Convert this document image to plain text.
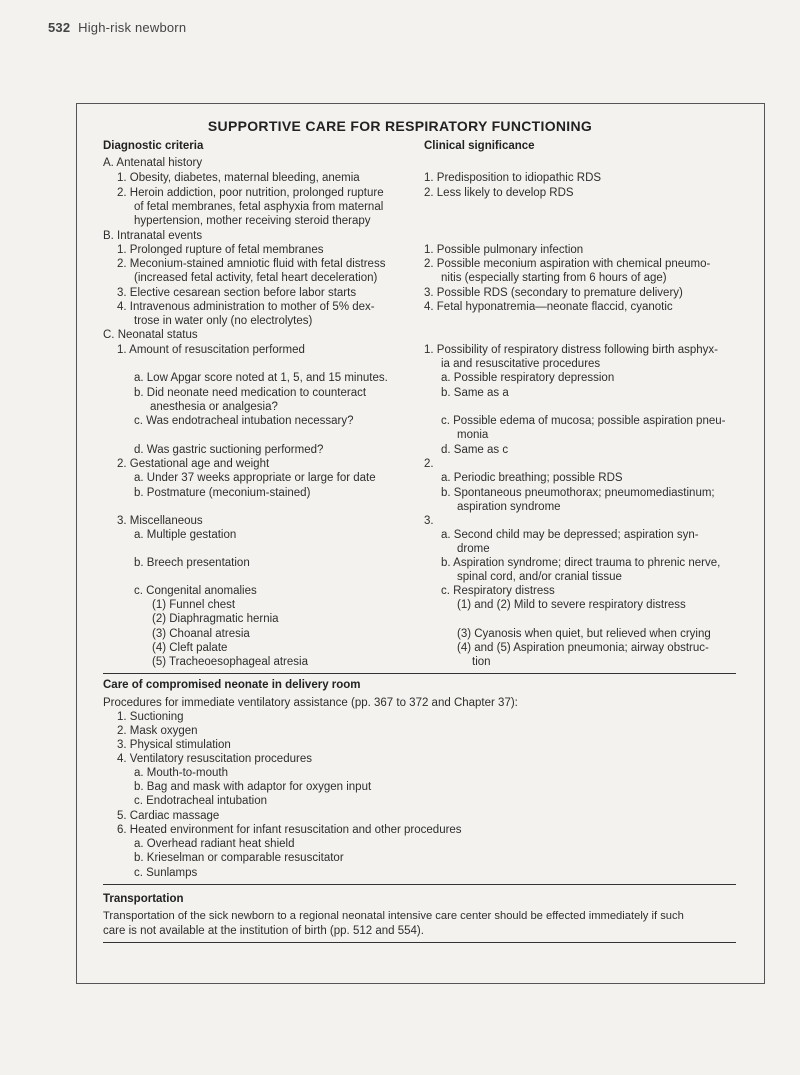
532 High-risk newborn
SUPPORTIVE CARE FOR RESPIRATORY FUNCTIONING
Diagnostic criteria	Clinical significance
A. Antenatal history
1. Obesity, diabetes, maternal bleeding, anemia
2. Heroin addiction, poor nutrition, prolonged rupture
of fetal membranes, fetal asphyxia from maternal
hypertension, mother receiving steroid therapy
B. Intranatal events
1. Prolonged rupture of fetal membranes
2. Meconium-stained amniotic fluid with fetal distress
(increased fetal activity, fetal heart deceleration)
3. Elective cesarean section before labor starts
4. Intravenous administration to mother of 5% dex-
trose in water only (no electrolytes)
C. Neonatal status
1. Amount of resuscitation performed
a. Low Apgar score noted at 1, 5, and 15 minutes.
b. Did neonate need medication to counteract
anesthesia or analgesia?
c. Was endotracheal intubation necessary?
d. Was gastric suctioning performed?
2. Gestational age and weight
a. Under 37 weeks appropriate or large for date
b. Postmature (meconium-stained)
3. Miscellaneous
a. Multiple gestation
b. Breech presentation
c. Congenital anomalies
(1) Funnel chest
(2) Diaphragmatic hernia
(3) Choanal atresia
(4) Cleft palate
(5) Tracheoesophageal atresia
1. Predisposition to idiopathic RDS
2. Less likely to develop RDS
1. Possible pulmonary infection
2. Possible meconium aspiration with chemical pneumo-
nitis (especially starting from 6 hours of age)
3. Possible RDS (secondary to premature delivery)
4. Fetal hyponatremia—neonate flaccid, cyanotic
1. Possibility of respiratory distress following birth asphyx-
ia and resuscitative procedures
a. Possible respiratory depression
b. Same as a
c. Possible edema of mucosa; possible aspiration pneu-
monia
d. Same as c
2.
a. Periodic breathing; possible RDS
b. Spontaneous pneumothorax; pneumomediastinum;
aspiration syndrome
3.
a. Second child may be depressed; aspiration syn-
drome
b. Aspiration syndrome; direct trauma to phrenic nerve,
spinal cord, and/or cranial tissue
c. Respiratory distress
(1) and (2) Mild to severe respiratory distress
(3) Cyanosis when quiet, but relieved when crying
(4) and (5) Aspiration pneumonia; airway obstruc-
tion
Care of compromised neonate in delivery room
Procedures for immediate ventilatory assistance (pp. 367 to 372 and Chapter 37):
1. Suctioning
2. Mask oxygen
3. Physical stimulation
4. Ventilatory resuscitation procedures
a. Mouth-to-mouth
b. Bag and mask with adaptor for oxygen input
c. Endotracheal intubation
5. Cardiac massage
6. Heated environment for infant resuscitation and other procedures
a. Overhead radiant heat shield
b. Krieselman or comparable resuscitator
c. Sunlamps
Transportation
Transportation of the sick newborn to a regional neonatal intensive care center should be effected immediately if such
care is not available at the institution of birth (pp. 512 and 554).
